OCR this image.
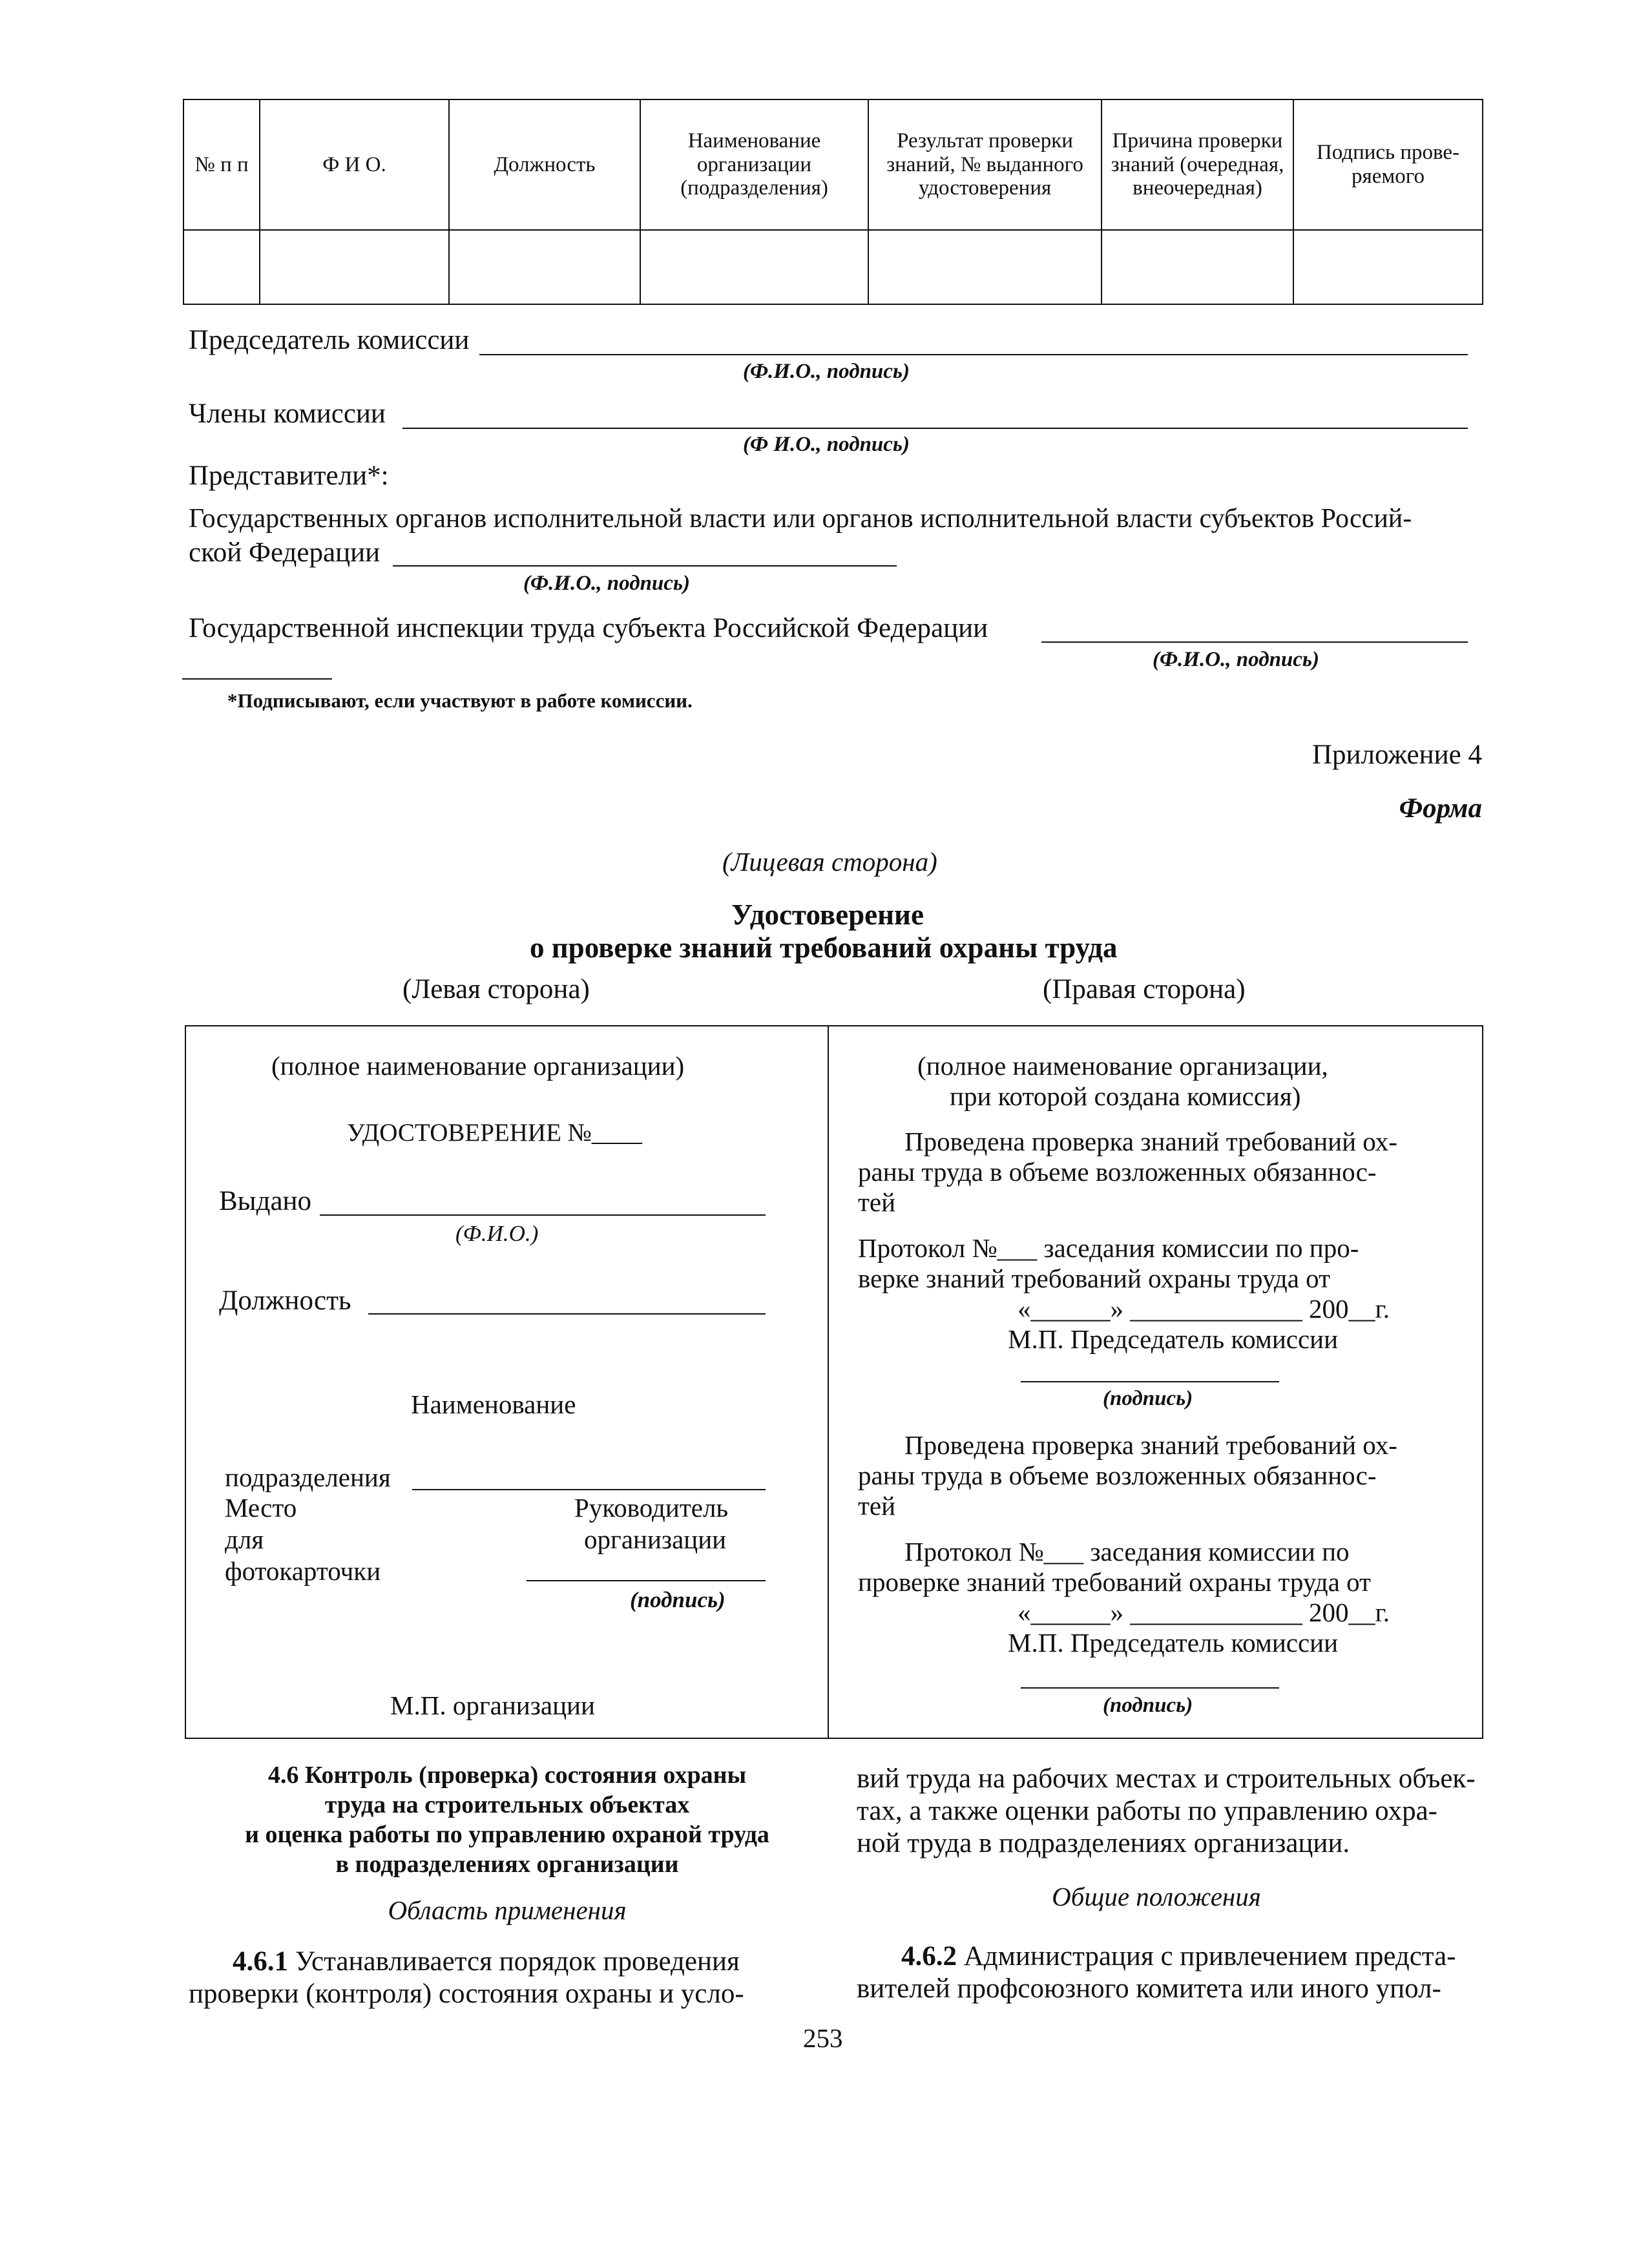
№ п п	Ф И О.	Должность	Наименование организации (подразделения)	Результат проверки знаний, № выданного удостоверения	Причина проверки знаний (очередная, внеочередная)	Подпись проверяемого

Председатель комиссии
(Ф.И.О., подпись)
Члены комиссии
(Ф И.О., подпись)
Представители*:
Государственных органов исполнительной власти или органов исполнительной власти субъектов Россий-
ской Федерации
(Ф.И.О., подпись)
Государственной инспекции труда субъекта Российской Федерации
(Ф.И.О., подпись)
*Подписывают, если участвуют в работе комиссии.
Приложение 4
Форма
(Лицевая сторона)
Удостоверение
о проверке знаний требований охраны труда
(Левая сторона)	(Правая сторона)
(полное наименование организации)
УДОСТОВЕРЕНИЕ №____
Выдано
(Ф.И.О.)
Должность
Наименование
подразделения
Место
для
фотокарточки
Руководитель
организации
(подпись)
М.П. организации
(полное наименование организации,
при которой создана комиссия)
Проведена проверка знаний требований ох-
раны труда в объеме возложенных обязаннос-
тей
Протокол №___ заседания комиссии по про-
верке знаний требований охраны труда от
«______» _____________ 200__г.
М.П. Председатель комиссии
(подпись)
Проведена проверка знаний требований ох-
раны труда в объеме возложенных обязаннос-
тей
Протокол №___ заседания комиссии по
проверке знаний требований охраны труда от
«______» _____________ 200__г.
М.П. Председатель комиссии
(подпись)
4.6 Контроль (проверка) состояния охраны
труда на строительных объектах
и оценка работы по управлению охраной труда
в подразделениях организации
Область применения
4.6.1 Устанавливается порядок проведения
проверки (контроля) состояния охраны и усло-
вий труда на рабочих местах и строительных объек-
тах, а также оценки работы по управлению охра-
ной труда в подразделениях организации.
Общие положения
4.6.2 Администрация с привлечением предста-
вителей профсоюзного комитета или иного упол-
253
